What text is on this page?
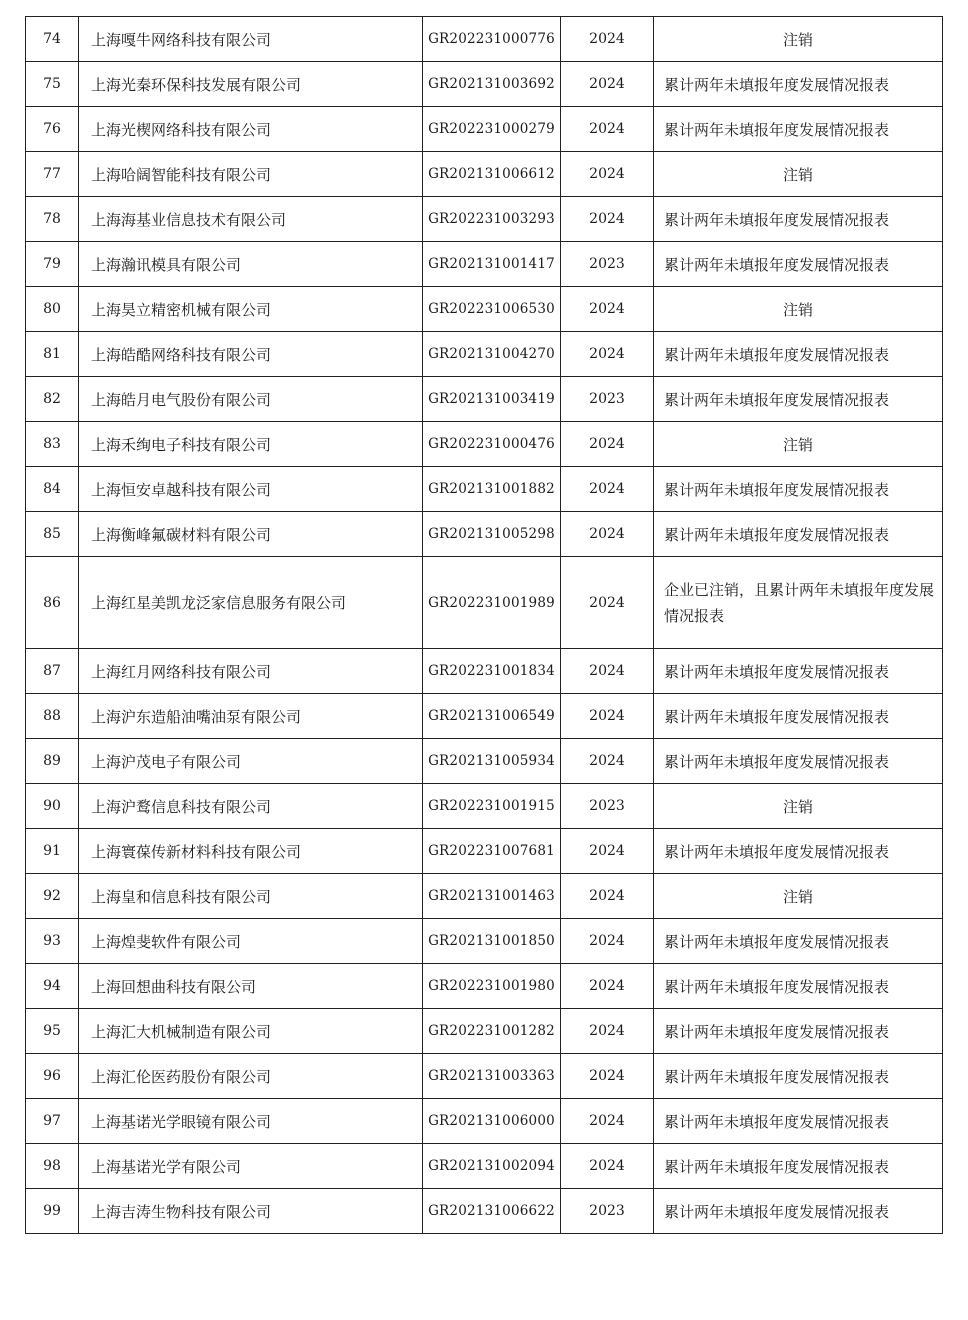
74	上海嘎牛网络科技有限公司	GR202231000776	2024	注销
75	上海光秦环保科技发展有限公司	GR202131003692	2024	累计两年未填报年度发展情况报表
76	上海光楔网络科技有限公司	GR202231000279	2024	累计两年未填报年度发展情况报表
77	上海哈阔智能科技有限公司	GR202131006612	2024	注销
78	上海海基业信息技术有限公司	GR202231003293	2024	累计两年未填报年度发展情况报表
79	上海瀚讯模具有限公司	GR202131001417	2023	累计两年未填报年度发展情况报表
80	上海昊立精密机械有限公司	GR202231006530	2024	注销
81	上海皓酷网络科技有限公司	GR202131004270	2024	累计两年未填报年度发展情况报表
82	上海皓月电气股份有限公司	GR202131003419	2023	累计两年未填报年度发展情况报表
83	上海禾绚电子科技有限公司	GR202231000476	2024	注销
84	上海恒安卓越科技有限公司	GR202131001882	2024	累计两年未填报年度发展情况报表
85	上海衡峰氟碳材料有限公司	GR202131005298	2024	累计两年未填报年度发展情况报表
86	上海红星美凯龙泛家信息服务有限公司	GR202231001989	2024	企业已注销，且累计两年未填报年度发展情况报表
87	上海红月网络科技有限公司	GR202231001834	2024	累计两年未填报年度发展情况报表
88	上海沪东造船油嘴油泵有限公司	GR202131006549	2024	累计两年未填报年度发展情况报表
89	上海沪茂电子有限公司	GR202131005934	2024	累计两年未填报年度发展情况报表
90	上海沪鹜信息科技有限公司	GR202231001915	2023	注销
91	上海寰葆传新材料科技有限公司	GR202231007681	2024	累计两年未填报年度发展情况报表
92	上海皇和信息科技有限公司	GR202131001463	2024	注销
93	上海煌斐软件有限公司	GR202131001850	2024	累计两年未填报年度发展情况报表
94	上海回想曲科技有限公司	GR202231001980	2024	累计两年未填报年度发展情况报表
95	上海汇大机械制造有限公司	GR202231001282	2024	累计两年未填报年度发展情况报表
96	上海汇伦医药股份有限公司	GR202131003363	2024	累计两年未填报年度发展情况报表
97	上海基诺光学眼镜有限公司	GR202131006000	2024	累计两年未填报年度发展情况报表
98	上海基诺光学有限公司	GR202131002094	2024	累计两年未填报年度发展情况报表
99	上海吉涛生物科技有限公司	GR202131006622	2023	累计两年未填报年度发展情况报表
